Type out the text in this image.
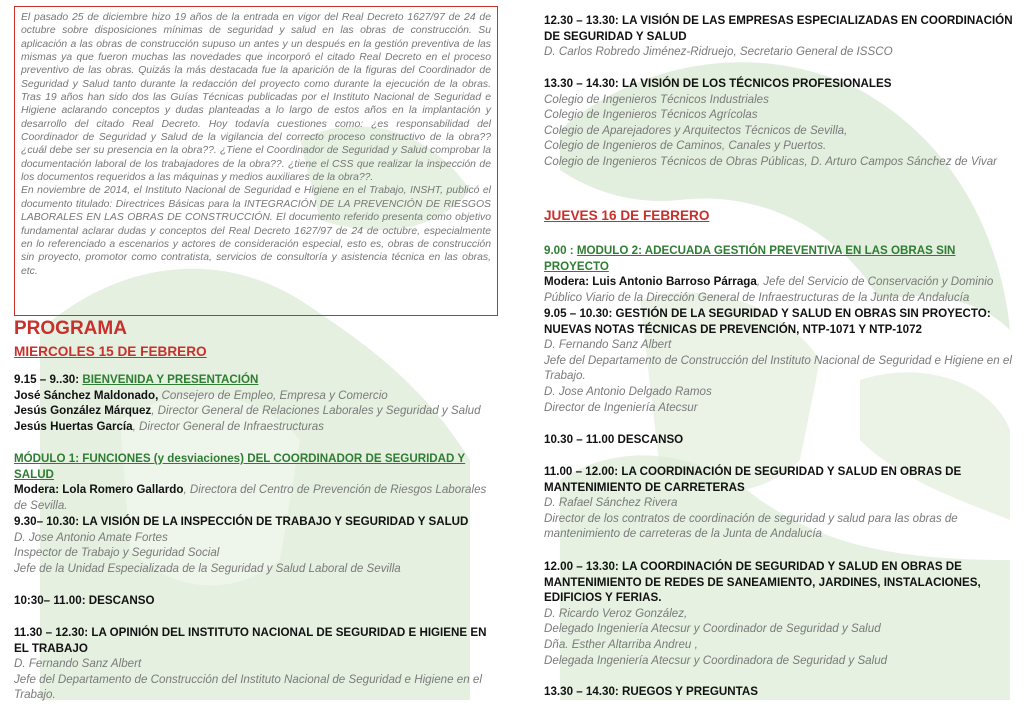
El pasado 25 de diciembre hizo 19 años de la entrada en vigor del Real Decreto 1627/97 de 24 de octubre sobre disposiciones mínimas de seguridad y salud en las obras de construcción. Su aplicación a las obras de construcción supuso un antes y un después en la gestión preventiva de las mismas ya que fueron muchas las novedades que incorporó el citado Real Decreto en el proceso preventivo de las obras. Quizás la más destacada fue la aparición de la figuras del Coordinador de Seguridad y Salud tanto durante la redacción del proyecto como durante la ejecución de la obras. Tras 19 años han sido dos las Guías Técnicas publicadas por el Instituto Nacional de Seguridad e Higiene aclarando conceptos y dudas planteadas a lo largo de estos años en la implantación y desarrollo del citado Real Decreto. Hoy todavía cuestiones como: ¿es responsabilidad del Coordinador de Seguridad y Salud de la vigilancia del correcto proceso constructivo de la obra?? ¿cuál debe ser su presencia en la obra??. ¿Tiene el Coordinador de Seguridad y Salud comprobar la documentación laboral de los trabajadores de la obra??. ¿tiene el CSS que realizar la inspección de los documentos requeridos a las máquinas y medios auxiliares de la obra??.

En noviembre de 2014, el Instituto Nacional de Seguridad e Higiene en el Trabajo, INSHT, publicó el documento titulado: Directrices Básicas para la INTEGRACIÓN DE LA PREVENCIÓN DE RIESGOS LABORALES EN LAS OBRAS DE CONSTRUCCIÓN. El documento referido presenta como objetivo fundamental aclarar dudas y conceptos del Real Decreto 1627/97 de 24 de octubre, especialmente en lo referenciado a escenarios y actores de consideración especial, esto es, obras de construcción sin proyecto, promotor como contratista, servicios de consultoría y asistencia técnica en las obras, etc.

PROGRAMA

MIERCOLES 15 DE FEBRERO

9.15 – 9..30: BIENVENIDA Y PRESENTACIÓN

José Sánchez Maldonado, Consejero de Empleo, Empresa y Comercio

Jesús González Márquez, Director General de Relaciones Laborales y Seguridad y Salud

Jesús Huertas García, Director General de Infraestructuras

MÓDULO 1: FUNCIONES (y desviaciones) DEL COORDINADOR DE SEGURIDAD Y SALUD

Modera: Lola Romero Gallardo, Directora del Centro de Prevención de Riesgos Laborales de Sevilla.

9.30– 10.30: LA VISIÓN DE LA INSPECCIÓN DE TRABAJO Y SEGURIDAD Y SALUD

D. Jose Antonio Amate Fortes

Inspector de Trabajo y Seguridad Social

Jefe de la Unidad Especializada de la Seguridad y Salud Laboral de Sevilla

10:30– 11.00: DESCANSO

11.30 – 12.30: LA OPINIÓN DEL INSTITUTO NACIONAL DE SEGURIDAD E HIGIENE EN EL TRABAJO

D. Fernando Sanz Albert

Jefe del Departamento de Construcción del Instituto Nacional de Seguridad e Higiene en el Trabajo.

12.30 – 13.30: LA VISIÓN DE LAS EMPRESAS ESPECIALIZADAS EN COORDINACIÓN DE SEGURIDAD Y SALUD

D. Carlos Robredo Jiménez-Ridruejo, Secretario General de ISSCO

13.30 – 14.30: LA VISIÓN DE LOS TÉCNICOS PROFESIONALES

Colegio de Ingenieros Técnicos Industriales

Colegio de Ingenieros Técnicos Agrícolas

Colegio de Aparejadores y Arquitectos Técnicos de Sevilla,

Colegio de Ingenieros de Caminos, Canales y Puertos.

Colegio de Ingenieros Técnicos de Obras Públicas, D. Arturo Campos Sánchez de Vivar

JUEVES 16 DE FEBRERO

9.00 : MODULO 2: ADECUADA GESTIÓN PREVENTIVA EN LAS OBRAS SIN PROYECTO

Modera: Luis Antonio Barroso Párraga, Jefe del Servicio de Conservación y Dominio Público Viario de la Dirección General de Infraestructuras de la Junta de Andalucía

9.05 – 10.30: GESTIÓN DE LA SEGURIDAD Y SALUD EN OBRAS SIN PROYECTO: NUEVAS NOTAS TÉCNICAS DE PREVENCIÓN, NTP-1071 Y NTP-1072

D. Fernando Sanz Albert

Jefe del Departamento de Construcción del Instituto Nacional de Seguridad e Higiene en el Trabajo.

D. Jose Antonio Delgado Ramos

Director de Ingeniería Atecsur

10.30 – 11.00 DESCANSO

11.00 – 12.00: LA COORDINACIÓN DE SEGURIDAD Y SALUD EN OBRAS DE MANTENIMIENTO DE CARRETERAS

D. Rafael Sánchez Rivera

Director de los contratos de coordinación de seguridad y salud para las obras de mantenimiento de carreteras de la Junta de Andalucía

12.00 – 13.30: LA COORDINACIÓN DE SEGURIDAD Y SALUD EN OBRAS DE MANTENIMIENTO DE REDES DE SANEAMIENTO, JARDINES, INSTALACIONES, EDIFICIOS Y FERIAS.

D. Ricardo Veroz González,

Delegado Ingeniería Atecsur y Coordinador de Seguridad y Salud

Dña. Esther Altarriba Andreu ,

Delegada Ingeniería Atecsur y Coordinadora de Seguridad y Salud

13.30 – 14.30: RUEGOS Y PREGUNTAS
